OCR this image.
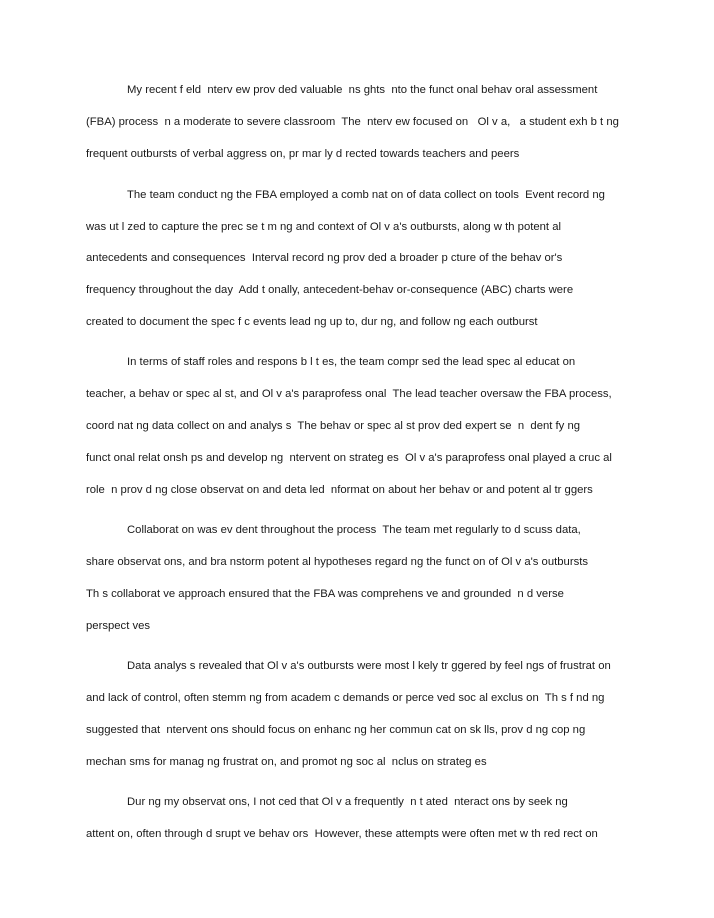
My recent f eld  nterv ew prov ded valuable  ns ghts  nto the funct onal behav oral assessment
(FBA) process  n a moderate to severe classroom  The  nterv ew focused on   Ol v a,   a student exh b t ng
frequent outbursts of verbal aggress on, pr mar ly d rected towards teachers and peers
The team conduct ng the FBA employed a comb nat on of data collect on tools  Event record ng
was ut l zed to capture the prec se t m ng and context of Ol v a's outbursts, along w th potent al
antecedents and consequences  Interval record ng prov ded a broader p cture of the behav or's
frequency throughout the day  Add t onally, antecedent-behav or-consequence (ABC) charts were
created to document the spec f c events lead ng up to, dur ng, and follow ng each outburst
In terms of staff roles and respons b l t es, the team compr sed the lead spec al educat on
teacher, a behav or spec al st, and Ol v a's paraprofess onal  The lead teacher oversaw the FBA process,
coord nat ng data collect on and analys s  The behav or spec al st prov ded expert se  n  dent fy ng
funct onal relat onsh ps and develop ng  ntervent on strateg es  Ol v a's paraprofess onal played a cruc al
role  n prov d ng close observat on and deta led  nformat on about her behav or and potent al tr ggers
Collaborat on was ev dent throughout the process  The team met regularly to d scuss data,
share observat ons, and bra nstorm potent al hypotheses regard ng the funct on of Ol v a's outbursts
Th s collaborat ve approach ensured that the FBA was comprehens ve and grounded  n d verse
perspect ves
Data analys s revealed that Ol v a's outbursts were most l kely tr ggered by feel ngs of frustrat on
and lack of control, often stemm ng from academ c demands or perce ved soc al exclus on  Th s f nd ng
suggested that  ntervent ons should focus on enhanc ng her commun cat on sk lls, prov d ng cop ng
mechan sms for manag ng frustrat on, and promot ng soc al  nclus on strateg es
Dur ng my observat ons, I not ced that Ol v a frequently  n t ated  nteract ons by seek ng
attent on, often through d srupt ve behav ors  However, these attempts were often met w th red rect on
